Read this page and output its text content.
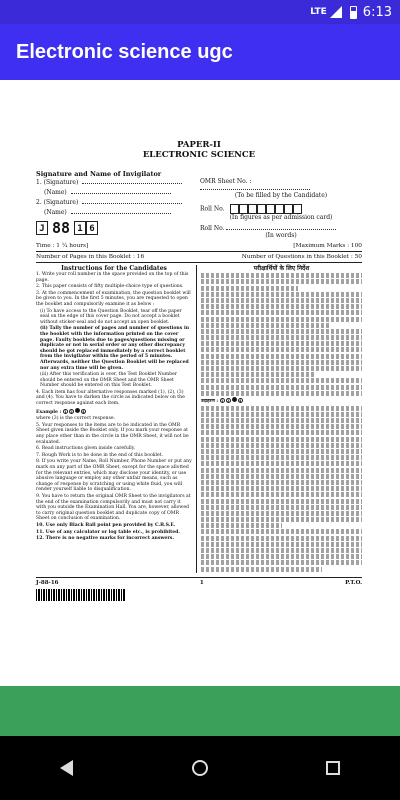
LTE	6:13
Electronic science ugc
PAPER-II
ELECTRONIC SCIENCE
Signature and Name of Invigilator
1. (Signature)
(Name)
2. (Signature)
(Name)
J 88 1 6
OMR Sheet No. :
(To be filled by the Candidate)
Roll No.
(In figures as per admission card)
Roll No.
(In words)
Time : 1 ¼ hours]	[Maximum Marks : 100
Number of Pages in this Booklet : 16	Number of Questions in this Booklet : 50
Instructions for the Candidates

1. Write your roll number in the space provided on the top of this page.

2. This paper consists of fifty multiple-choice type of questions.

3. At the commencement of examination, the question booklet will be given to you. In the first 5 minutes, you are requested to open the booklet and compulsorily examine it as below :

(i) To have access to the Question Booklet, tear off the paper seal on the edge of this cover page. Do not accept a booklet without sticker-seal and do not accept an open booklet.

(ii) Tally the number of pages and number of questions in the booklet with the information printed on the cover page. Faulty booklets due to pages/questions missing or duplicate or not in serial order or any other discrepancy should be got replaced immediately by a correct booklet from the invigilator within the period of 5 minutes. Afterwards, neither the Question Booklet will be replaced nor any extra time will be given.

(iii) After this verification is over, the Test Booklet Number should be entered on the OMR Sheet and the OMR Sheet Number should be entered on this Test Booklet.

4. Each item has four alternative responses marked (1), (2), (3) and (4). You have to darken the circle as indicated below on the correct response against each item.

Example : 1 2	4

where (3) is the correct response.

5. Your responses to the items are to be indicated in the OMR Sheet given inside the Booklet only. If you mark your response at any place other than in the circle in the OMR Sheet, it will not be evaluated.

6. Read instructions given inside carefully.

7. Rough Work is to be done in the end of this booklet.

8. If you write your Name, Roll Number, Phone Number or put any mark on any part of the OMR Sheet, except for the space allotted for the relevant entries, which may disclose your identity, or use abusive language or employ any other unfair means, such as change of response by scratching or using white fluid, you will render yourself liable to disqualification.

9. You have to return the original OMR Sheet to the invigilators at the end of the examination compulsorily and must not carry it with you outside the Examination Hall. You are, however, allowed to carry original question booklet and duplicate copy of OMR Sheet on conclusion of examination.

10. Use only Black Ball point pen provided by C.B.S.E.

11. Use of any calculator or log table etc., is prohibited.

12. There is no negative marks for incorrect answers.

परीक्षार्थियों के लिए निर्देश
उदाहरण : 1 2	4
J-88-16	1	P.T.O.
